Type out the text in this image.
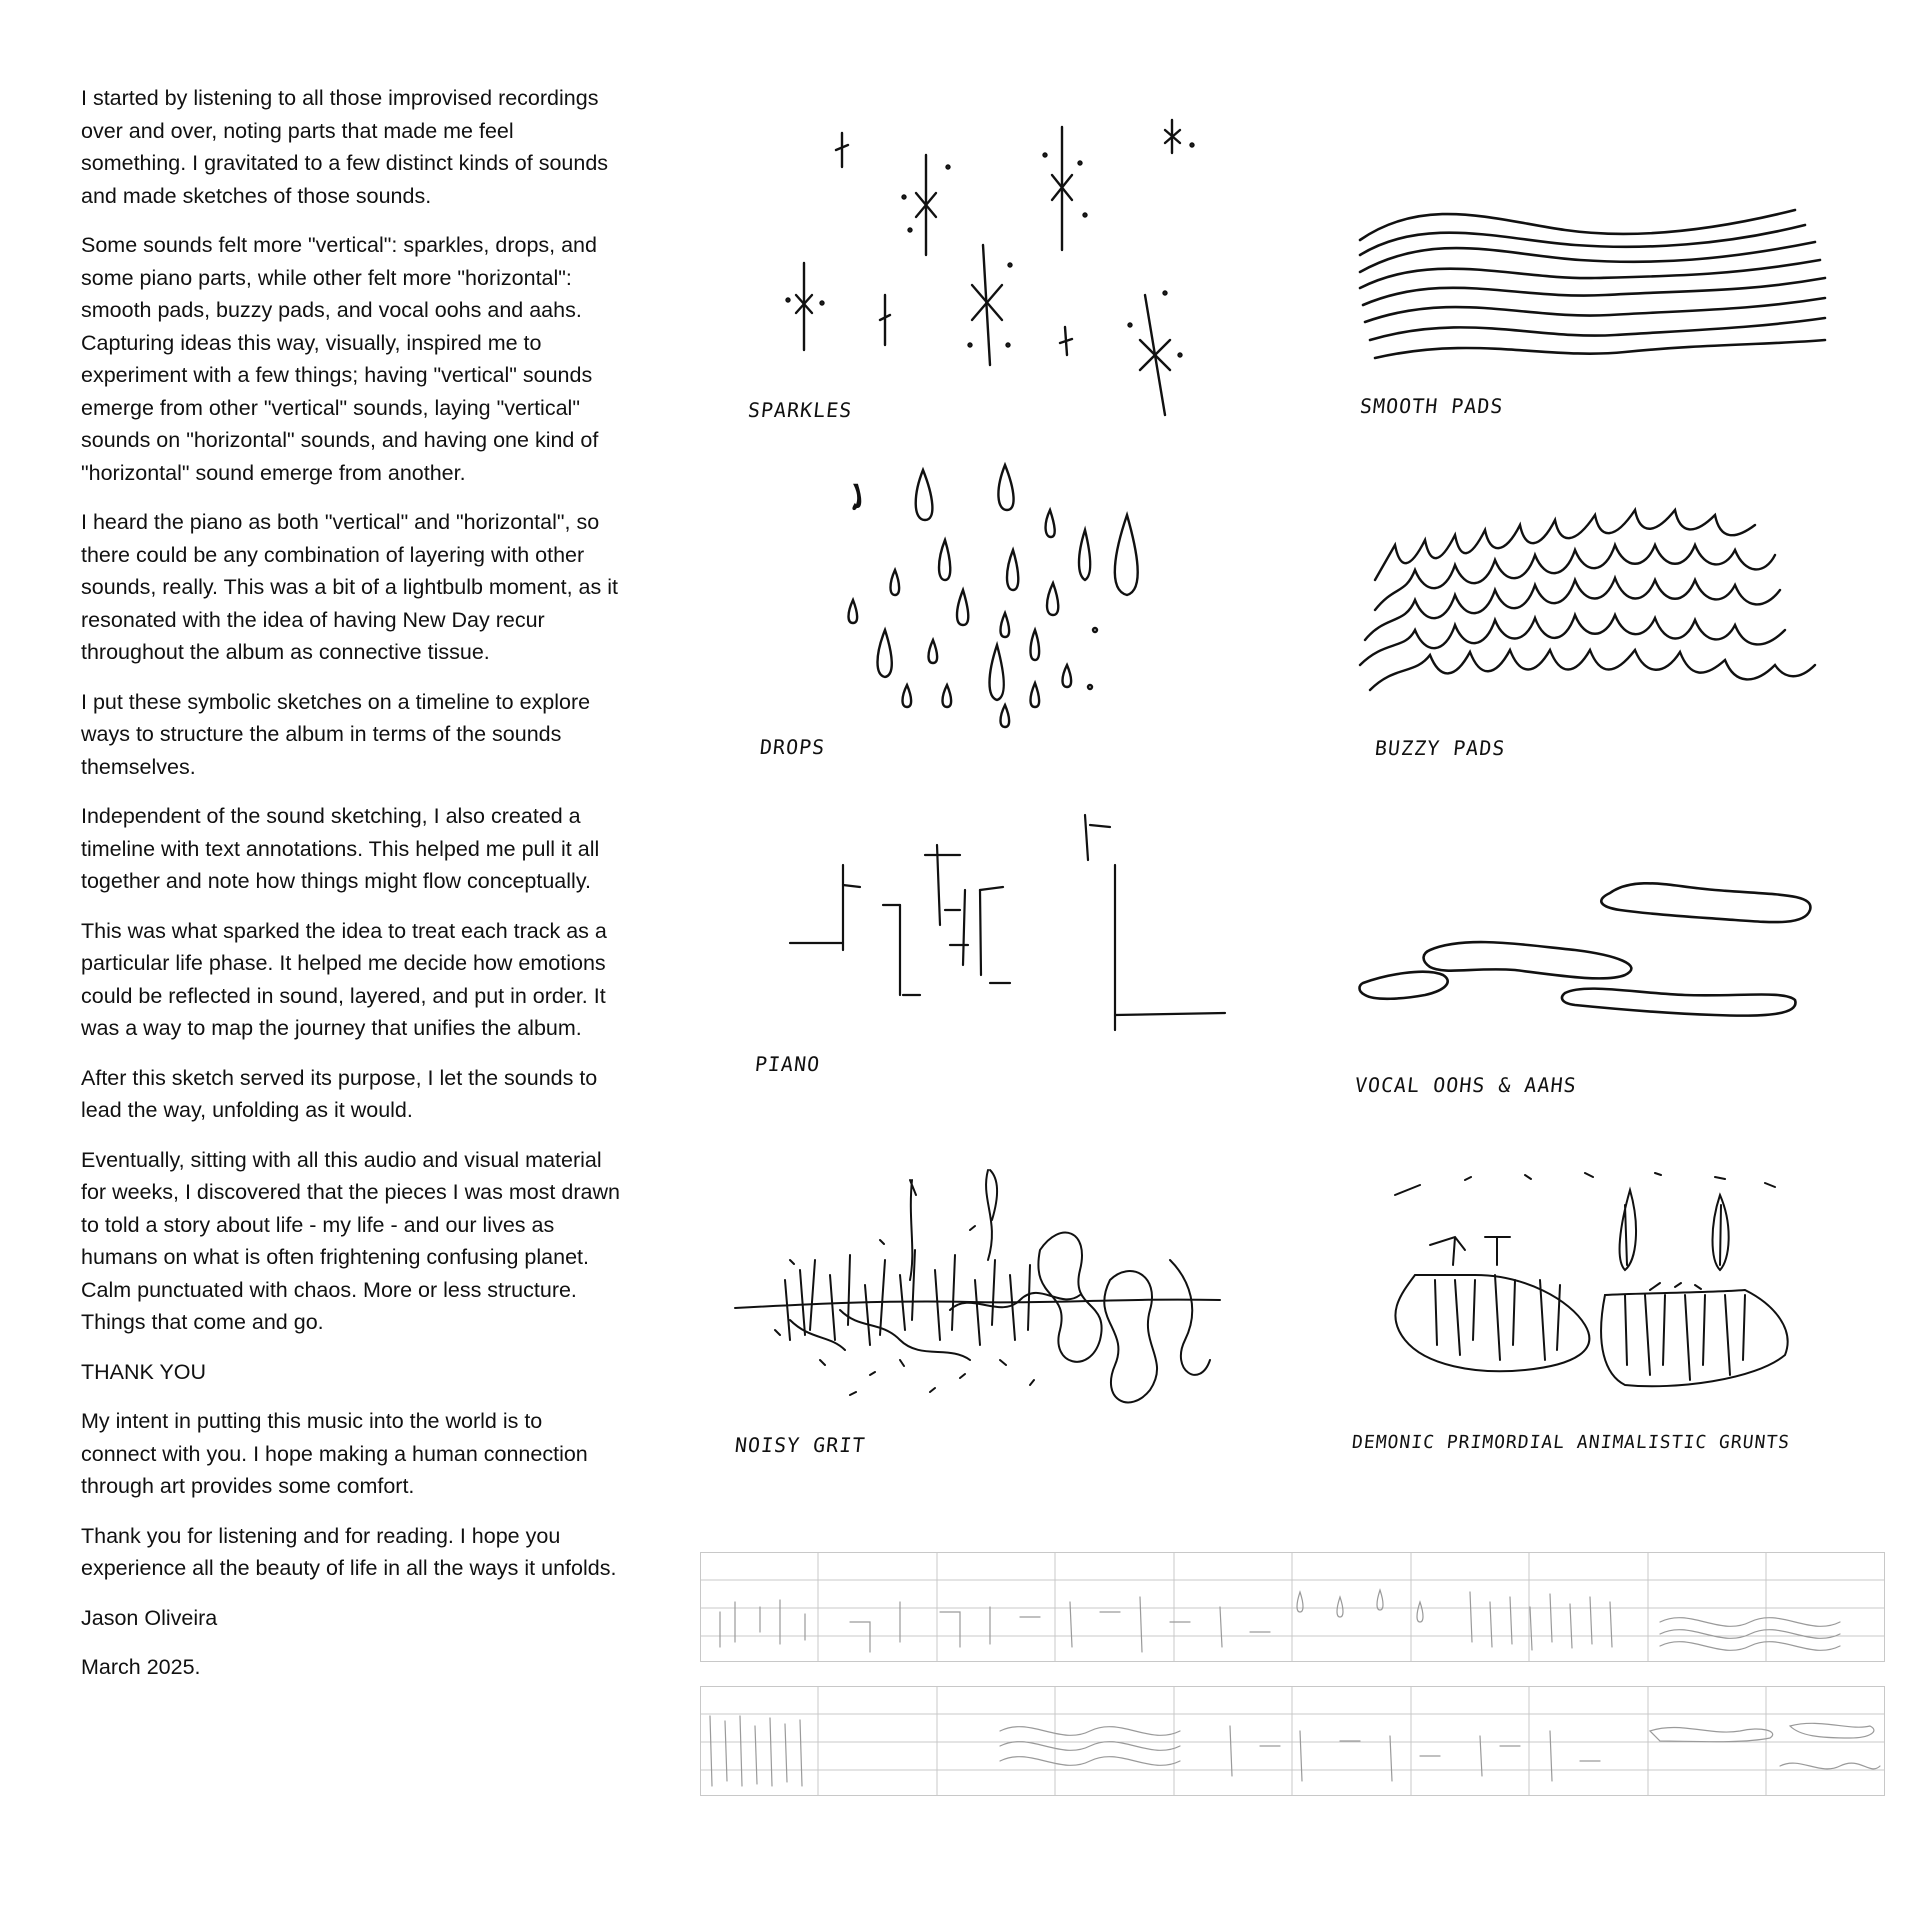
I started by listening to all those improvised recordings over and over, noting parts that made me feel something. I gravitated to a few distinct kinds of sounds and made sketches of those sounds.

Some sounds felt more "vertical": sparkles, drops, and some piano parts, while other felt more "horizontal": smooth pads, buzzy pads, and vocal oohs and aahs. Capturing ideas this way, visually, inspired me to experiment with a few things; having "vertical" sounds emerge from other "vertical" sounds, laying "vertical" sounds on "horizontal" sounds, and having one kind of "horizontal" sound emerge from another.

I heard the piano as both "vertical" and "horizontal", so there could be any combination of layering with other sounds, really. This was a bit of a lightbulb moment, as it resonated with the idea of having New Day recur throughout the album as connective tissue.

I put these symbolic sketches on a timeline to explore ways to structure the album in terms of the sounds themselves.

Independent of the sound sketching, I also created a timeline with text annotations. This helped me pull it all together and note how things might flow conceptually.

This was what sparked the idea to treat each track as a particular life phase. It helped me decide how emotions could be reflected in sound, layered, and put in order. It was a way to map the journey that unifies the album.

After this sketch served its purpose, I let the sounds to lead the way, unfolding as it would.

Eventually, sitting with all this audio and visual material for weeks, I discovered that the pieces I was most drawn to told a story about life - my life - and our lives as humans on what is often frightening confusing planet. Calm punctuated with chaos. More or less structure. Things that come and go.

THANK YOU

My intent in putting this music into the world is to connect with you. I hope making a human connection through art provides some comfort.

Thank you for listening and for reading. I hope you experience all the beauty of life in all the ways it unfolds.

Jason Oliveira

March 2025.

SPARKLES	SMOOTH PADS
DROPS	BUZZY PADS
PIANO
VOCAL OOHS & AAHS
NOISY GRIT	DEMONIC PRIMORDIAL ANIMALISTIC GRUNTS
